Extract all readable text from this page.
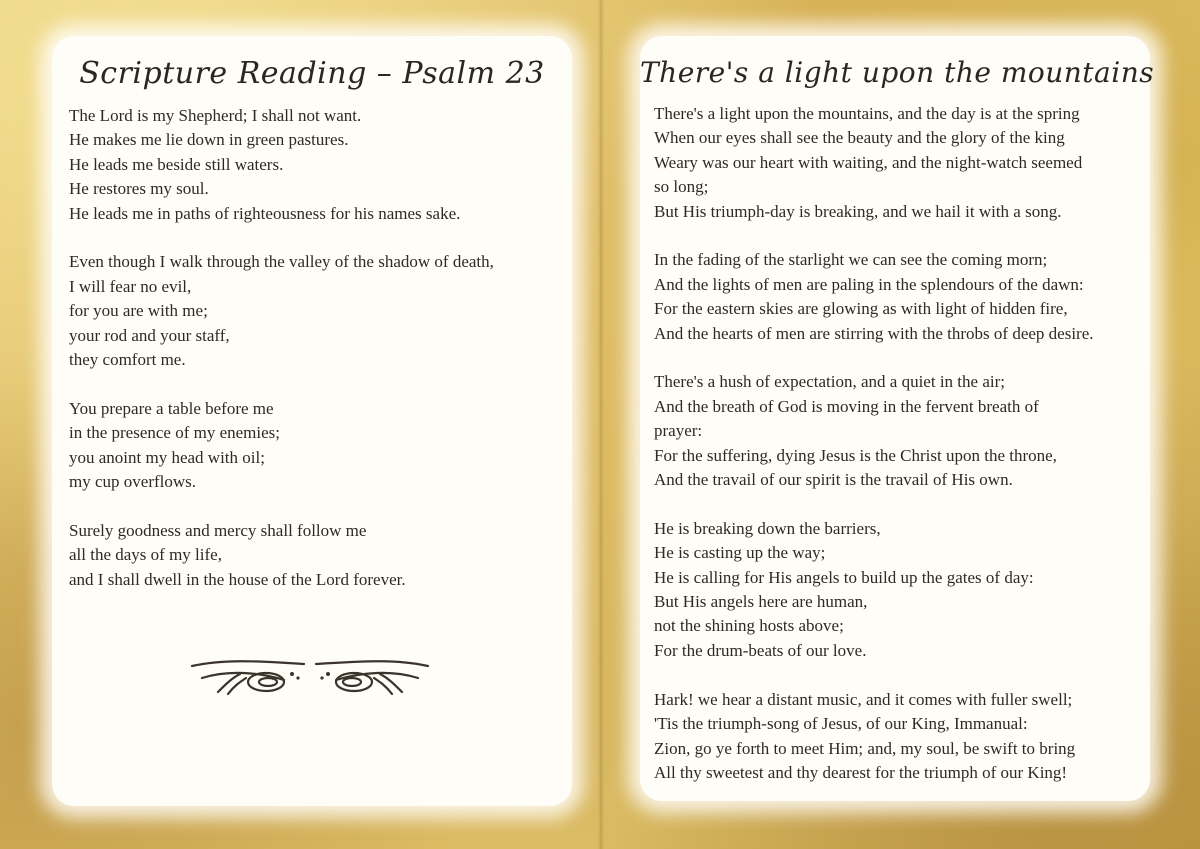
Scripture Reading – Psalm 23
The Lord is my Shepherd; I shall not want.
He makes me lie down in green pastures.
He leads me beside still waters.
He restores my soul.
He leads me in paths of righteousness for his names sake.
Even though I walk through the valley of the shadow of death,
I will fear no evil,
for you are with me;
your rod and your staff,
they comfort me.
You prepare a table before me
in the presence of my enemies;
you anoint my head with oil;
my cup overflows.
Surely goodness and mercy shall follow me
all the days of my life,
and I shall dwell in the house of the Lord forever.
There's a light upon the mountains
There's a light upon the mountains, and the day is at the spring
When our eyes shall see the beauty and the glory of the king
Weary was our heart with waiting, and the night-watch seemed
so long;
But His triumph-day is breaking, and we hail it with a song.
In the fading of the starlight we can see the coming morn;
And the lights of men are paling in the splendours of the dawn:
For the eastern skies are glowing as with light of hidden fire,
And the hearts of men are stirring with the throbs of deep desire.
There's a hush of expectation, and a quiet in the air;
And the breath of God is moving in the fervent breath of
prayer:
For the suffering, dying Jesus is the Christ upon the throne,
And the travail of our spirit is the travail of His own.
He is breaking down the barriers,
He is casting up the way;
He is calling for His angels to build up the gates of day:
But His angels here are human,
not the shining hosts above;
For the drum-beats of our love.
Hark! we hear a distant music, and it comes with fuller swell;
'Tis the triumph-song of Jesus, of our King, Immanual:
Zion, go ye forth to meet Him; and, my soul, be swift to bring
All thy sweetest and thy dearest for the triumph of our King!
